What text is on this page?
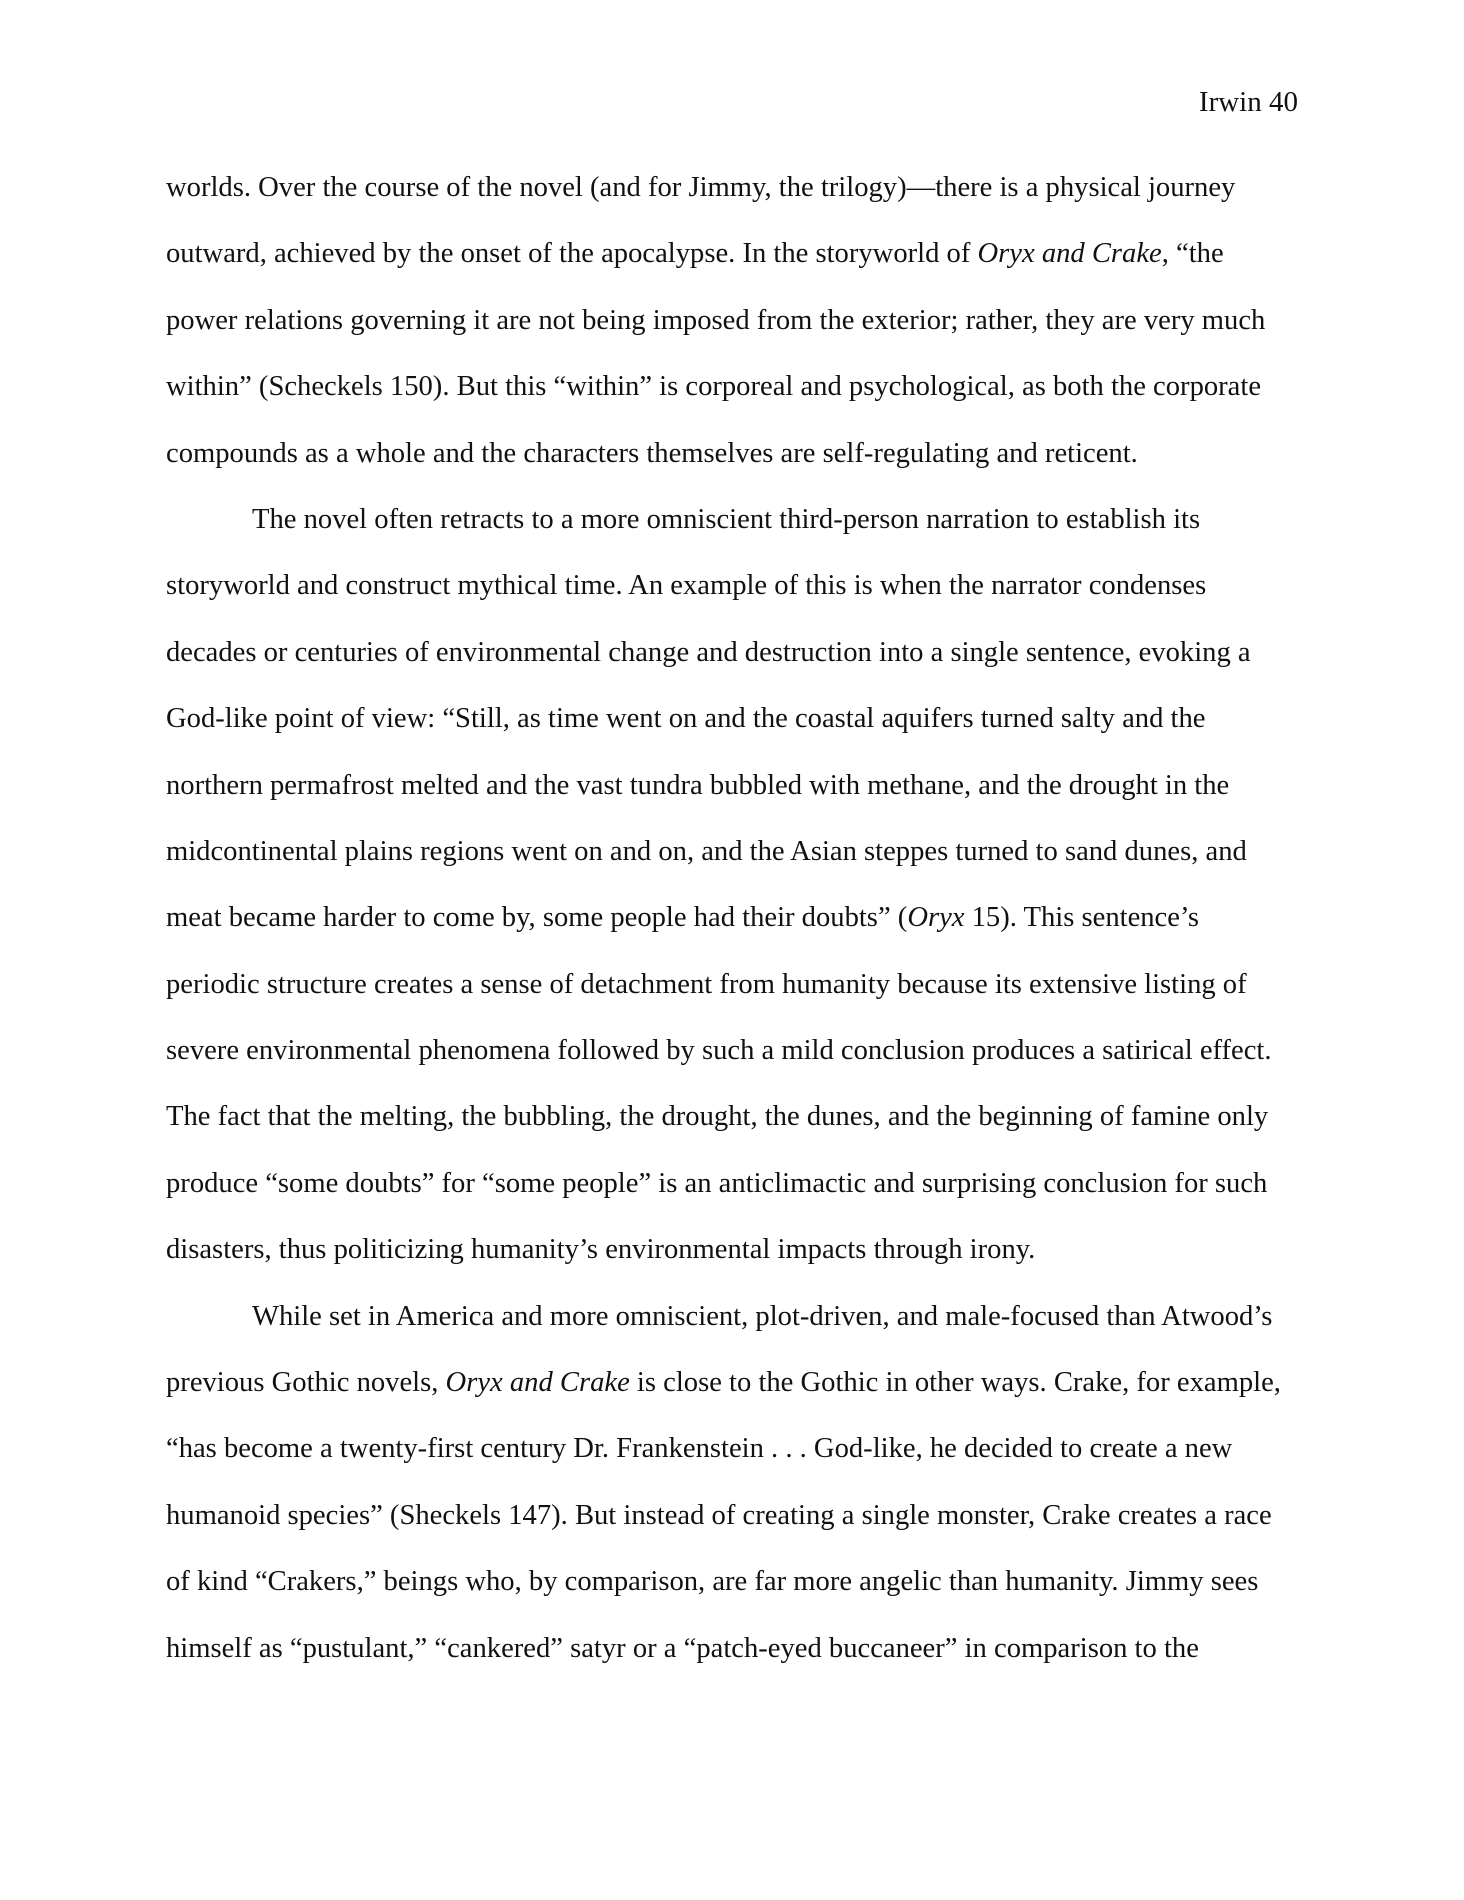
Irwin 40
worlds. Over the course of the novel (and for Jimmy, the trilogy)—there is a physical journey
outward, achieved by the onset of the apocalypse. In the storyworld of Oryx and Crake, “the
power relations governing it are not being imposed from the exterior; rather, they are very much
within” (Scheckels 150). But this “within” is corporeal and psychological, as both the corporate
compounds as a whole and the characters themselves are self-regulating and reticent.
The novel often retracts to a more omniscient third-person narration to establish its
storyworld and construct mythical time. An example of this is when the narrator condenses
decades or centuries of environmental change and destruction into a single sentence, evoking a
God-like point of view: “Still, as time went on and the coastal aquifers turned salty and the
northern permafrost melted and the vast tundra bubbled with methane, and the drought in the
midcontinental plains regions went on and on, and the Asian steppes turned to sand dunes, and
meat became harder to come by, some people had their doubts” (Oryx 15). This sentence’s
periodic structure creates a sense of detachment from humanity because its extensive listing of
severe environmental phenomena followed by such a mild conclusion produces a satirical effect.
The fact that the melting, the bubbling, the drought, the dunes, and the beginning of famine only
produce “some doubts” for “some people” is an anticlimactic and surprising conclusion for such
disasters, thus politicizing humanity’s environmental impacts through irony.
While set in America and more omniscient, plot-driven, and male-focused than Atwood’s
previous Gothic novels, Oryx and Crake is close to the Gothic in other ways. Crake, for example,
“has become a twenty-first century Dr. Frankenstein . . . God-like, he decided to create a new
humanoid species” (Sheckels 147). But instead of creating a single monster, Crake creates a race
of kind “Crakers,” beings who, by comparison, are far more angelic than humanity. Jimmy sees
himself as “pustulant,” “cankered” satyr or a “patch-eyed buccaneer” in comparison to the
